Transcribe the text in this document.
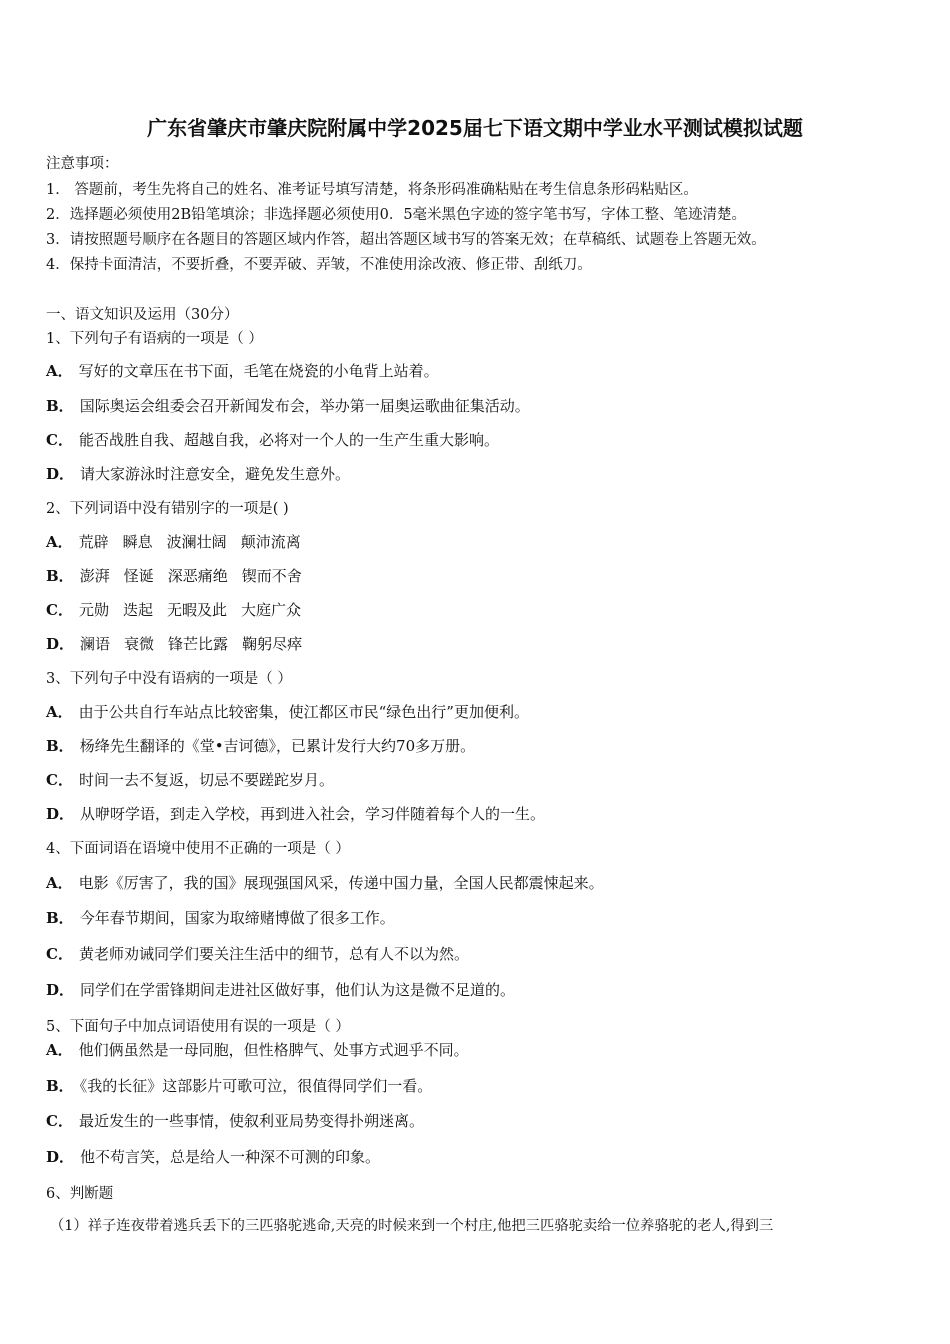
广东省肇庆市肇庆院附属中学2025届七下语文期中学业水平测试模拟试题
注意事项：
1． 答题前，考生先将自己的姓名、准考证号填写清楚，将条形码准确粘贴在考生信息条形码粘贴区。
2．选择题必须使用2B铅笔填涂；非选择题必须使用0．5毫米黑色字迹的签字笔书写，字体工整、笔迹清楚。
3．请按照题号顺序在各题目的答题区域内作答，超出答题区域书写的答案无效；在草稿纸、试题卷上答题无效。
4．保持卡面清洁，不要折叠，不要弄破、弄皱，不准使用涂改液、修正带、刮纸刀。
一、语文知识及运用（30分）
1、下列句子有语病的一项是（ ）
A． 写好的文章压在书下面，毛笔在烧瓷的小龟背上站着。
B． 国际奥运会组委会召开新闻发布会，举办第一届奥运歌曲征集活动。
C． 能否战胜自我、超越自我，必将对一个人的一生产生重大影响。
D． 请大家游泳时注意安全，避免发生意外。
2、下列词语中没有错别字的一项是( )
A． 荒辟 瞬息 波澜壮阔 颠沛流离
B． 澎湃 怪诞 深恶痛绝 锲而不舍
C． 元勋 迭起 无暇及此 大庭广众
D． 澜语 衰微 锋芒比露 鞠躬尽瘁
3、下列句子中没有语病的一项是（ ）
A． 由于公共自行车站点比较密集，使江都区市民“绿色出行”更加便利。
B． 杨绛先生翻译的《堂•吉诃德》，已累计发行大约70多万册。
C． 时间一去不复返，切忌不要蹉跎岁月。
D． 从咿呀学语，到走入学校，再到进入社会，学习伴随着每个人的一生。
4、下面词语在语境中使用不正确的一项是（ ）
A． 电影《厉害了，我的国》展现强国风采，传递中国力量，全国人民都震悚起来。
B． 今年春节期间，国家为取缔赌博做了很多工作。
C． 黄老师劝诫同学们要关注生活中的细节，总有人不以为然。
D． 同学们在学雷锋期间走进社区做好事，他们认为这是微不足道的。
5、下面句子中加点词语使用有误的一项是（ ）
A． 他们俩虽然是一母同胞，但性格脾气、处事方式迥乎不同。
B． 《我的长征》这部影片可歌可泣，很值得同学们一看。
C． 最近发生的一些事情，使叙利亚局势变得扑朔迷离。
D． 他不苟言笑，总是给人一种深不可测的印象。
6、判断题
（1）祥子连夜带着逃兵丢下的三匹骆驼逃命,天亮的时候来到一个村庄,他把三匹骆驼卖给一位养骆驼的老人,得到三
